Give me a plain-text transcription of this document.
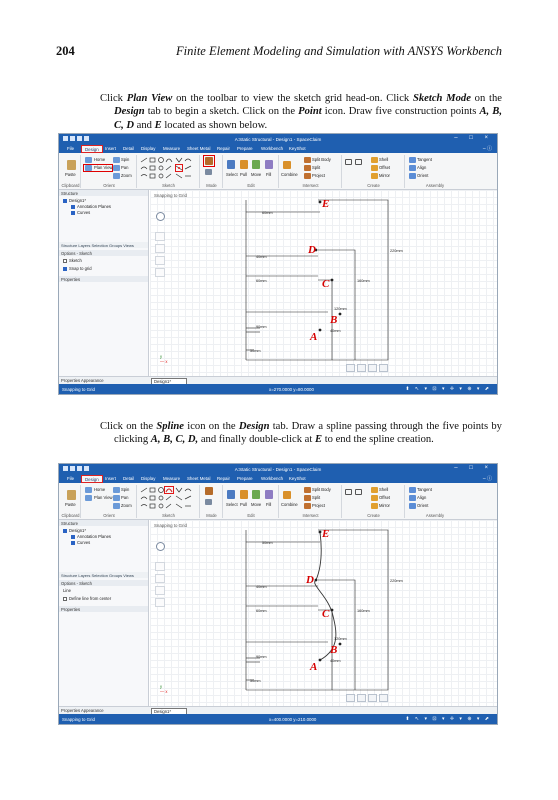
204	Finite Element Modeling and Simulation with ANSYS Workbench
Click Plan View on the toolbar to view the sketch grid head-on. Click Sketch Mode on the Design tab to begin a sketch. Click on the Point icon. Draw five construction points A, B, C, D and E located as shown below.
A:Static Structural - Design1 - SpaceClaim	– □ ×
File	Design	Insert Detail Display Measure Sheet Metal Repair Prepare Workbench KeyShot	– ⓘ
Paste
Clipboard
Home	Spin
Plan View Pan
Zoom
Orient	Sketch	Mode
Select Pull Move Fill
Edit
Combine
Split Body
Split
Project
Intersect
Shell
Offset
Mirror
Create
Tangent
Align
Orient
Assembly
Structure
Design1*
Annotation Planes
Curves
Structure Layers Selection Groups Views
Options - Sketch
Sketch
Snap to grid
Properties
Snapping to Grid
y
— x
60mm
40mm
60mm
90mm
50mm
220mm
160mm
120mm
40mm
E
D
C
B
A
Properties Appearance	Design1*
Snapping to Grid	x=270.0000 y=80.0000	⬍ ↖ ▾ ⊡ ▾ ✛ ▾ ⊕ ▾ ⬈
Click on the Spline icon on the Design tab. Draw a spline passing through the five points by clicking A, B, C, D, and finally double-click at E to end the spline creation.
A:Static Structural - Design1 - SpaceClaim	– □ ×
File	Design	Insert Detail Display Measure Sheet Metal Repair Prepare Workbench KeyShot	– ⓘ
Paste
Clipboard
Home	Spin
Plan View Pan
Zoom
Orient	Sketch	Mode
Select Pull Move Fill
Edit
Combine
Split Body
Split
Project
Intersect
Shell
Offset
Mirror
Create
Tangent
Align
Orient
Assembly
Structure
Design1*
Annotation Planes
Curves
Structure Layers Selection Groups Views
Options - Sketch
Line
Define line from center
Properties
Snapping to Grid
y
— x
50mm
40mm
60mm
90mm
50mm
220mm
160mm
120mm
40mm
E
D
C
B
A
Properties Appearance	Design1*
Snapping to Grid	x=400.0000 y=210.0000	⬍ ↖ ▾ ⊡ ▾ ✛ ▾ ⊕ ▾ ⬈
